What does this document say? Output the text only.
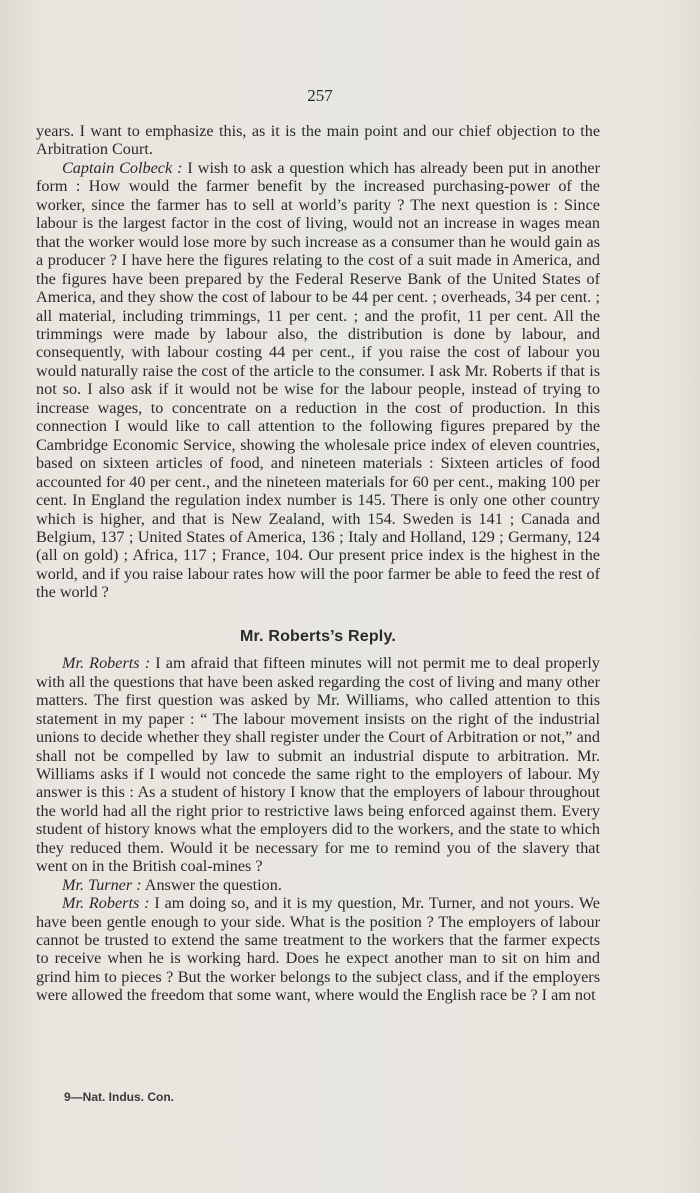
257

years. I want to emphasize this, as it is the main point and our chief objection to the Arbitration Court.

Captain Colbeck : I wish to ask a question which has already been put in another form : How would the farmer benefit by the increased purchasing-power of the worker, since the farmer has to sell at world’s parity ? The next question is : Since labour is the largest factor in the cost of living, would not an increase in wages mean that the worker would lose more by such increase as a consumer than he would gain as a producer ? I have here the figures relating to the cost of a suit made in America, and the figures have been prepared by the Federal Reserve Bank of the United States of America, and they show the cost of labour to be 44 per cent. ; overheads, 34 per cent. ; all material, including trimmings, 11 per cent. ; and the profit, 11 per cent. All the trimmings were made by labour also, the distribution is done by labour, and consequently, with labour costing 44 per cent., if you raise the cost of labour you would naturally raise the cost of the article to the consumer. I ask Mr. Roberts if that is not so. I also ask if it would not be wise for the labour people, instead of trying to increase wages, to concentrate on a reduction in the cost of production. In this connection I would like to call attention to the following figures prepared by the Cambridge Economic Service, showing the wholesale price index of eleven countries, based on sixteen articles of food, and nineteen materials : Sixteen articles of food accounted for 40 per cent., and the nineteen materials for 60 per cent., making 100 per cent. In England the regulation index number is 145. There is only one other country which is higher, and that is New Zealand, with 154. Sweden is 141 ; Canada and Belgium, 137 ; United States of America, 136 ; Italy and Holland, 129 ; Germany, 124 (all on gold) ; Africa, 117 ; France, 104. Our present price index is the highest in the world, and if you raise labour rates how will the poor farmer be able to feed the rest of the world ?

Mr. Roberts’s Reply.

Mr. Roberts : I am afraid that fifteen minutes will not permit me to deal properly with all the questions that have been asked regarding the cost of living and many other matters. The first question was asked by Mr. Williams, who called attention to this statement in my paper : “ The labour movement insists on the right of the industrial unions to decide whether they shall register under the Court of Arbitration or not,” and shall not be compelled by law to submit an industrial dispute to arbitration. Mr. Williams asks if I would not concede the same right to the employers of labour. My answer is this : As a student of history I know that the employers of labour throughout the world had all the right prior to restrictive laws being enforced against them. Every student of history knows what the employers did to the workers, and the state to which they reduced them. Would it be necessary for me to remind you of the slavery that went on in the British coal-mines ?

Mr. Turner : Answer the question.

Mr. Roberts : I am doing so, and it is my question, Mr. Turner, and not yours. We have been gentle enough to your side. What is the position ? The employers of labour cannot be trusted to extend the same treatment to the workers that the farmer expects to receive when he is working hard. Does he expect another man to sit on him and grind him to pieces ? But the worker belongs to the subject class, and if the employers were allowed the freedom that some want, where would the English race be ? I am not

9—Nat. Indus. Con.
